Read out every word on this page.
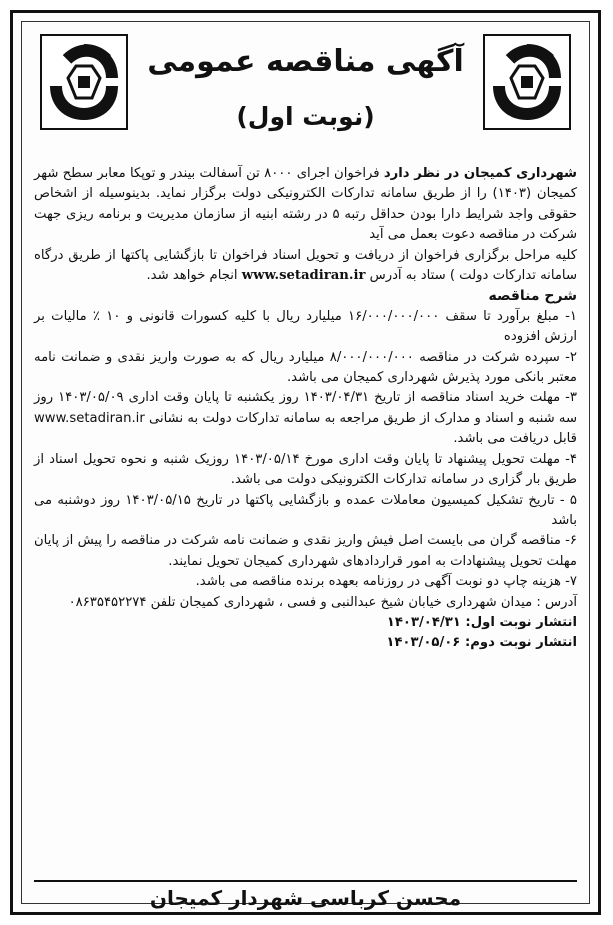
آگهی مناقصه عمومی
(نوبت اول)

شهرداری کمیجان در نظر دارد فراخوان اجرای ۸۰۰۰ تن آسفالت بیندر و توپکا معابر سطح شهر کمیجان (۱۴۰۳) را از طریق سامانه تدارکات الکترونیکی دولت برگزار نماید. بدینوسیله از اشخاص حقوقی واجد شرایط دارا بودن حداقل رتبه ۵ در رشته ابنیه از سازمان مدیریت و برنامه ریزی جهت شرکت در مناقصه دعوت بعمل می آید

کلیه مراحل برگزاری فراخوان از دریافت و تحویل اسناد فراخوان تا بازگشایی پاکتها از طریق درگاه سامانه تدارکات دولت ) ستاد به آدرس www.setadiran.ir انجام خواهد شد.

شرح مناقصه

۱- مبلغ برآورد تا سقف ۱۶/۰۰۰/۰۰۰/۰۰۰ میلیارد ریال با کلیه کسورات قانونی و ۱۰ ٪ مالیات بر ارزش افزوده

۲- سپرده شرکت در مناقصه ۸/۰۰۰/۰۰۰/۰۰۰ میلیارد ریال که به صورت واریز نقدی و ضمانت نامه معتبر بانکی مورد پذیرش شهرداری کمیجان می باشد.

۳- مهلت خرید اسناد مناقصه از تاریخ ۱۴۰۳/۰۴/۳۱ روز یکشنبه تا پایان وقت اداری ۱۴۰۳/۰۵/۰۹ روز سه شنبه و اسناد و مدارک از طریق مراجعه به سامانه تدارکات دولت به نشانی www.setadiran.ir قابل دریافت می باشد.

۴- مهلت تحویل پیشنهاد تا پایان وقت اداری مورخ ۱۴۰۳/۰۵/۱۴ روزیک شنبه و نحوه تحویل اسناد از طریق بار گزاری در سامانه تدارکات الکترونیکی دولت می باشد.

۵ - تاریخ تشکیل کمیسیون معاملات عمده و بازگشایی پاکتها در تاریخ ۱۴۰۳/۰۵/۱۵ روز دوشنبه می باشد

۶- مناقصه گران می بایست اصل فیش واریز نقدی و ضمانت نامه شرکت در مناقصه را پیش از پایان مهلت تحویل پیشنهادات به امور قراردادهای شهرداری کمیجان تحویل نمایند.

۷- هزینه چاپ دو نوبت آگهی در روزنامه بعهده برنده مناقصه می باشد.

آدرس : میدان شهرداری خیابان شیخ عبدالنبی و فسی ، شهرداری کمیجان تلفن ۰۸۶۳۵۴۵۲۲۷۴

انتشار نوبت اول: ۱۴۰۳/۰۴/۳۱

انتشار نوبت دوم: ۱۴۰۳/۰۵/۰۶

محسن کرباسی شهردار کمیجان
